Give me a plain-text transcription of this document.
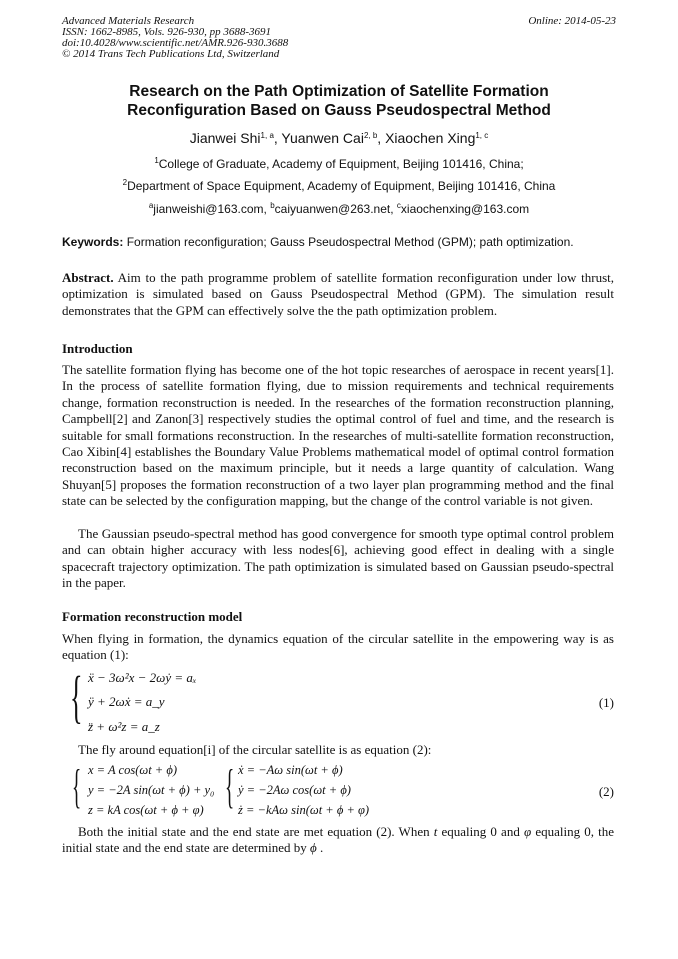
Advanced Materials Research
ISSN: 1662-8985, Vols. 926-930, pp 3688-3691
doi:10.4028/www.scientific.net/AMR.926-930.3688
© 2014 Trans Tech Publications Ltd, Switzerland
Online: 2014-05-23
Research on the Path Optimization of Satellite Formation
Reconfiguration Based on Gauss Pseudospectral Method
Jianwei Shi$^{1, a}$, Yuanwen Cai$^{2, b}$, Xiaochen Xing$^{1, c}$
$^1$College of Graduate, Academy of Equipment, Beijing 101416, China;
$^2$Department of Space Equipment, Academy of Equipment, Beijing 101416, China
$^a$jianweishi@163.com, $^b$caiyuanwen@263.net, $^c$xiaochenxing@163.com
Keywords: Formation reconfiguration; Gauss Pseudospectral Method (GPM); path optimization.
Abstract. Aim to the path programme problem of satellite formation reconfiguration under low thrust, optimization is simulated based on Gauss Pseudospectral Method (GPM). The simulation result demonstrates that the GPM can effectively solve the the path optimization problem.
Introduction
The satellite formation flying has become one of the hot topic researches of aerospace in recent years[1]. In the process of satellite formation flying, due to mission requirements and technical requirements change, formation reconstruction is needed. In the researches of the formation reconstruction planning, Campbell[2] and Zanon[3] respectively studies the optimal control of fuel and time, and the research is suitable for small formations reconstruction. In the researches of multi-satellite formation reconstruction, Cao Xibin[4] establishes the Boundary Value Problems mathematical model of optimal control formation reconstruction based on the maximum principle, but it needs a large quantity of calculation. Wang Shuyan[5] proposes the formation reconstruction of a two layer plan programming method and the final state can be selected by the configuration mapping, but the change of the control variable is not given.
The Gaussian pseudo-spectral method has good convergence for smooth type optimal control problem and can obtain higher accuracy with less nodes[6], achieving good effect in dealing with a single spacecraft trajectory optimization. The path optimization is simulated based on Gaussian pseudo-spectral in the paper.
Formation reconstruction model
When flying in formation, the dynamics equation of the circular satellite in the empowering way is as equation (1):
{ ẍ − 3ω²x − 2ωẏ = aₓ
ÿ + 2ωẋ = a_y
z̈ + ω²z = a_z
(1)
The fly around equation[i] of the circular satellite is as equation (2):
{ x = A cos(ωt + ϕ)
y = −2A sin(ωt + ϕ) + y₀
z = kA cos(ωt + ϕ + φ) { ẋ = −Aω sin(ωt + ϕ)
ẏ = −2Aω cos(ωt + ϕ)
ż = −kAω sin(ωt + ϕ + φ)
(2)
Both the initial state and the end state are met equation (2). When t equaling 0 and φ equaling 0, the initial state and the end state are determined by ϕ .
